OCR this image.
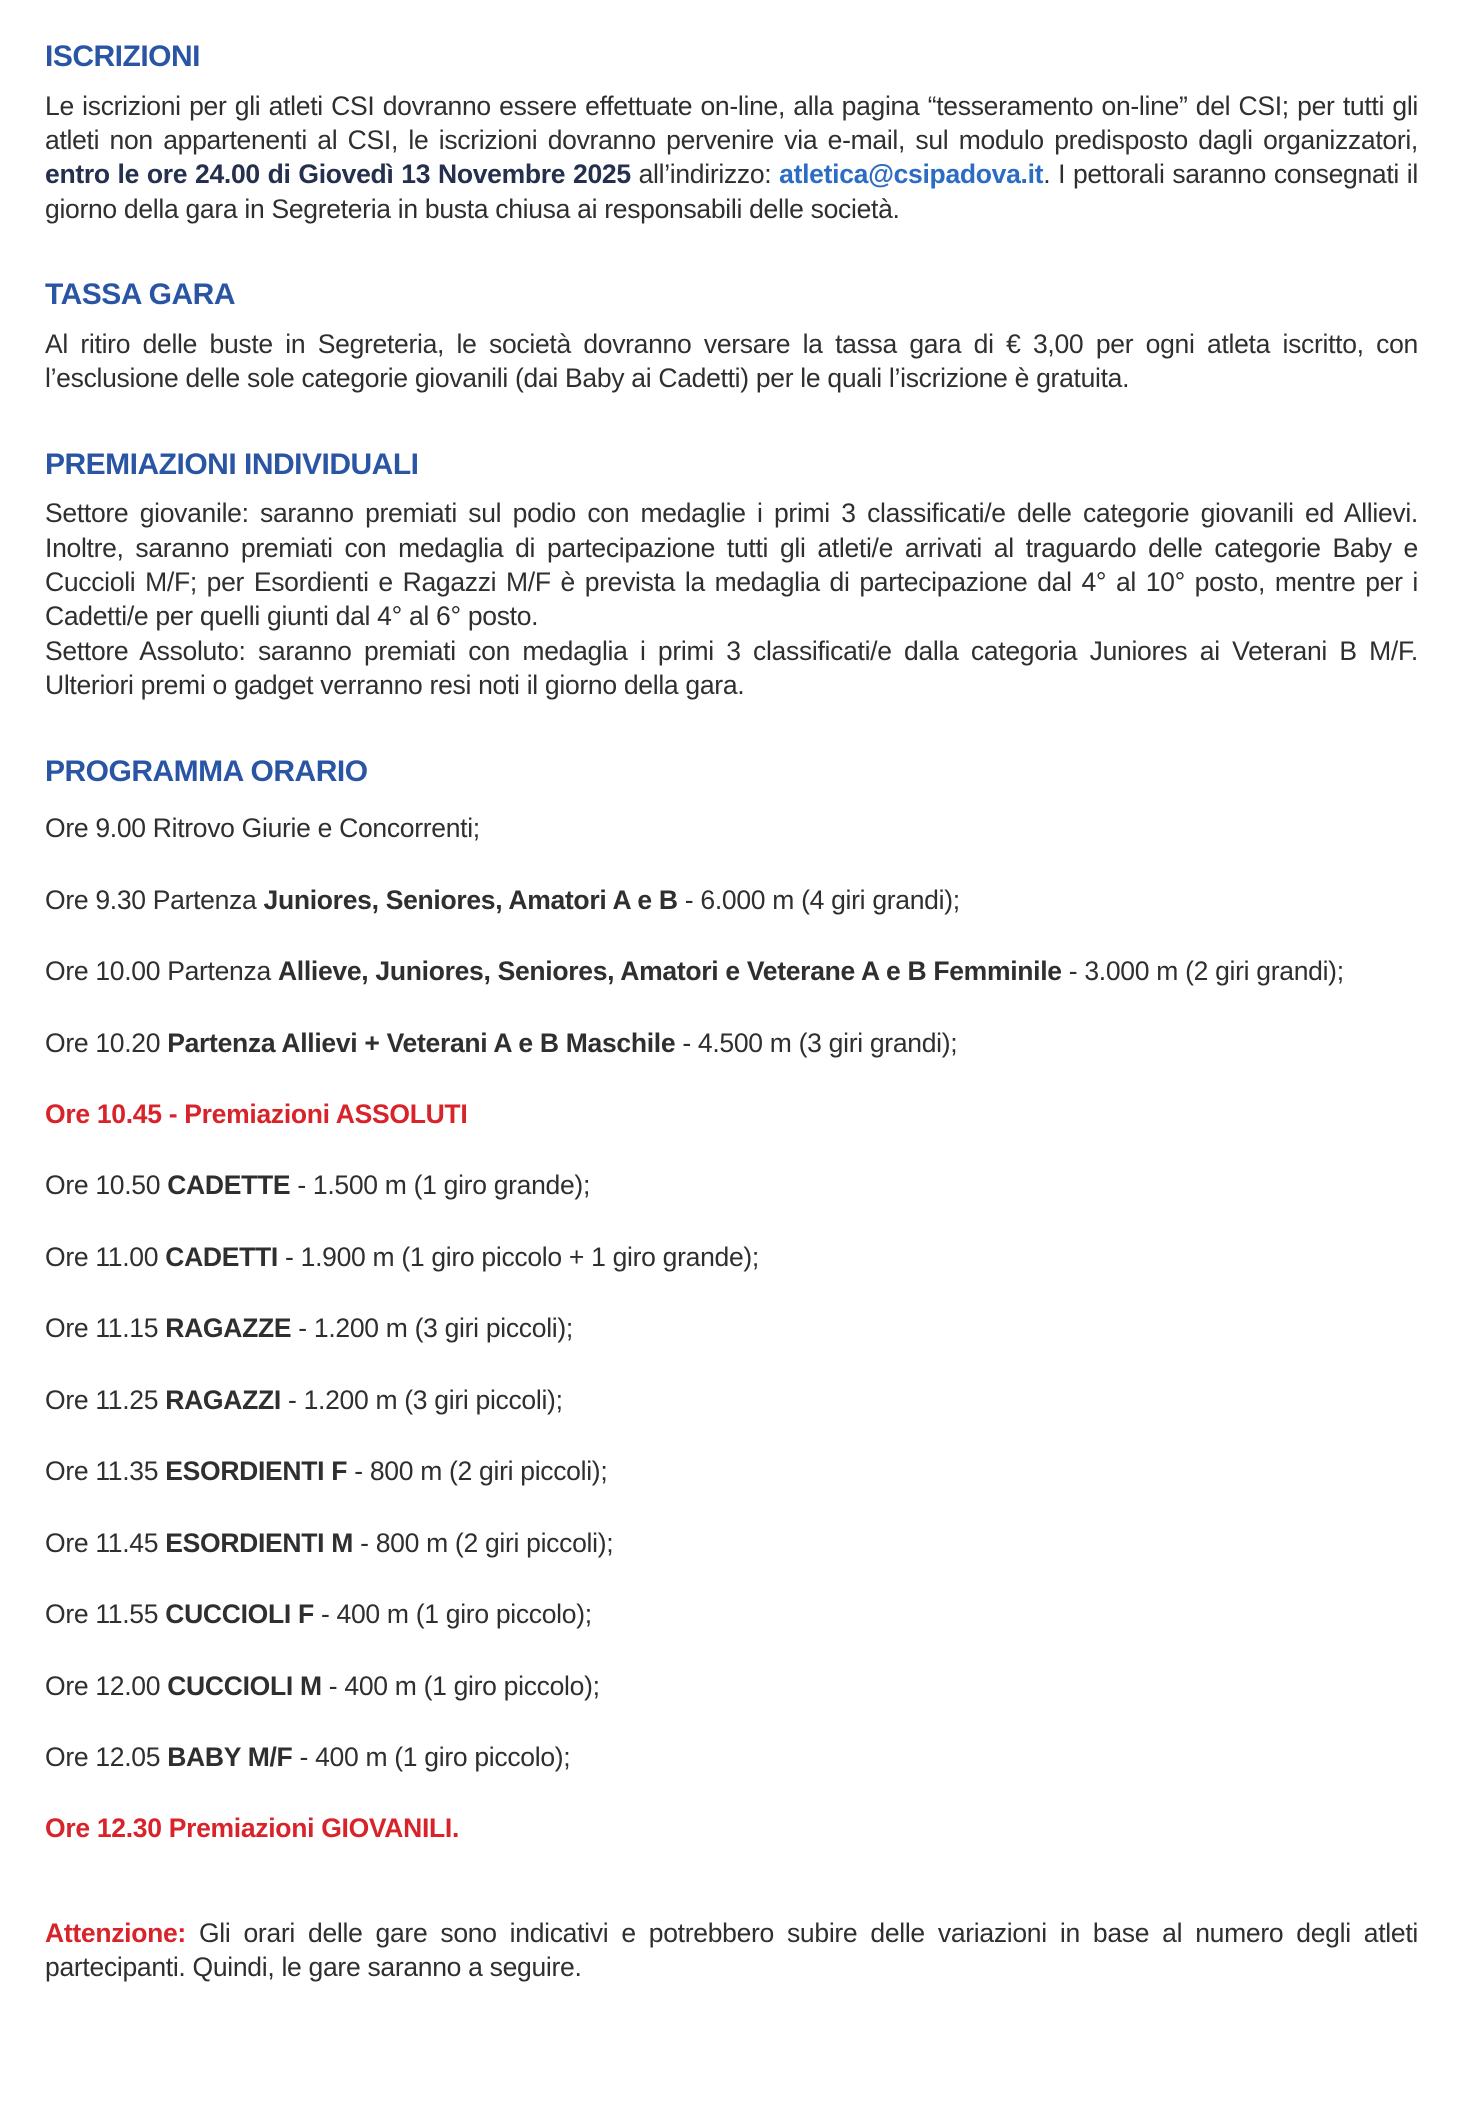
ISCRIZIONI

Le iscrizioni per gli atleti CSI dovranno essere effettuate on-line, alla pagina “tesseramento on-line” del CSI; per tutti gli atleti non appartenenti al CSI, le iscrizioni dovranno pervenire via e-mail, sul modulo predisposto dagli organizzatori, entro le ore 24.00 di Giovedì 13 Novembre 2025 all’indirizzo: atletica@csipadova.it. I pettorali saranno consegnati il giorno della gara in Segreteria in busta chiusa ai responsabili delle società.

TASSA GARA

Al ritiro delle buste in Segreteria, le società dovranno versare la tassa gara di € 3,00 per ogni atleta iscritto, con l’esclusione delle sole categorie giovanili (dai Baby ai Cadetti) per le quali l’iscrizione è gratuita.

PREMIAZIONI INDIVIDUALI

Settore giovanile: saranno premiati sul podio con medaglie i primi 3 classificati/e delle categorie giovanili ed Allievi. Inoltre, saranno premiati con medaglia di partecipazione tutti gli atleti/e arrivati al traguardo delle categorie Baby e Cuccioli M/F; per Esordienti e Ragazzi M/F è prevista la medaglia di partecipazione dal 4° al 10° posto, mentre per i Cadetti/e per quelli giunti dal 4° al 6° posto.

Settore Assoluto: saranno premiati con medaglia i primi 3 classificati/e dalla categoria Juniores ai Veterani B M/F. Ulteriori premi o gadget verranno resi noti il giorno della gara.

PROGRAMMA ORARIO

Ore 9.00 Ritrovo Giurie e Concorrenti;

Ore 9.30 Partenza Juniores, Seniores, Amatori A e B - 6.000 m (4 giri grandi);

Ore 10.00 Partenza Allieve, Juniores, Seniores, Amatori e Veterane A e B Femminile - 3.000 m (2 giri grandi);

Ore 10.20 Partenza Allievi + Veterani A e B Maschile - 4.500 m (3 giri grandi);

Ore 10.45 - Premiazioni ASSOLUTI

Ore 10.50 CADETTE - 1.500 m (1 giro grande);

Ore 11.00 CADETTI - 1.900 m (1 giro piccolo + 1 giro grande);

Ore 11.15 RAGAZZE - 1.200 m (3 giri piccoli);

Ore 11.25 RAGAZZI - 1.200 m (3 giri piccoli);

Ore 11.35 ESORDIENTI F - 800 m (2 giri piccoli);

Ore 11.45 ESORDIENTI M - 800 m (2 giri piccoli);

Ore 11.55 CUCCIOLI F - 400 m (1 giro piccolo);

Ore 12.00 CUCCIOLI M - 400 m (1 giro piccolo);

Ore 12.05 BABY M/F - 400 m (1 giro piccolo);

Ore 12.30 Premiazioni GIOVANILI.

Attenzione: Gli orari delle gare sono indicativi e potrebbero subire delle variazioni in base al numero degli atleti partecipanti. Quindi, le gare saranno a seguire.
